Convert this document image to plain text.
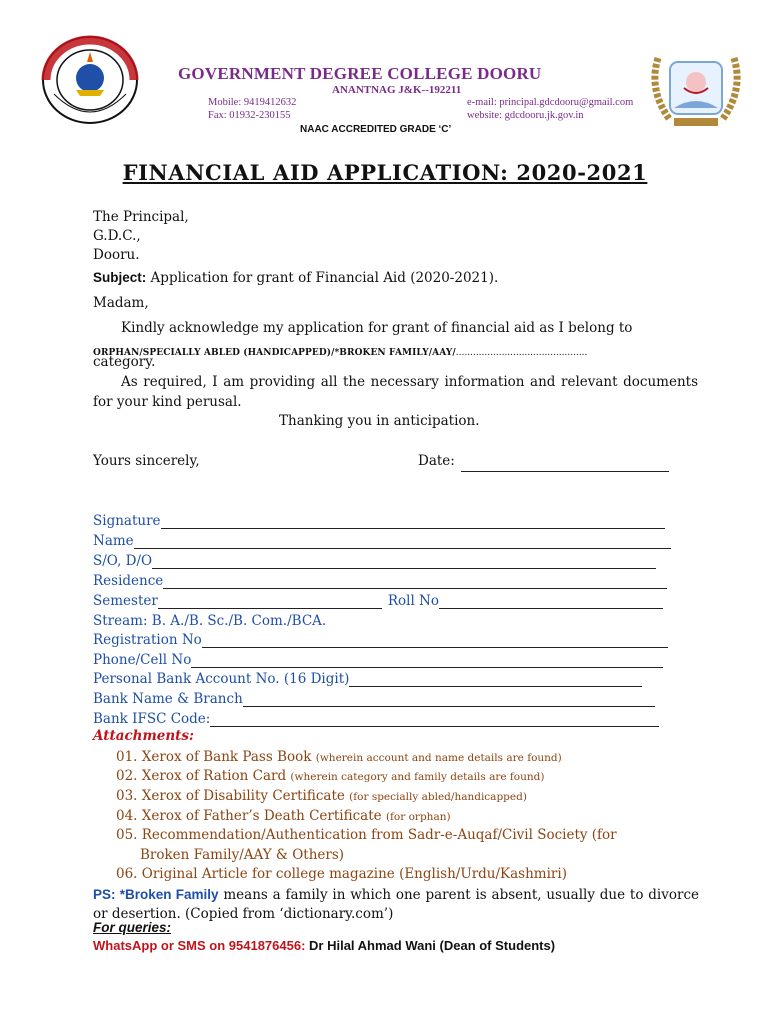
GOVERNMENT DEGREE COLLEGE DOORU
ANANTNAG J&K--192211
Mobile: 9419412632
Fax: 01932-230155
e-mail: principal.gdcdooru@gmail.com
website: gdcdooru.jk.gov.in
NAAC ACCREDITED GRADE ‘C’
FINANCIAL AID APPLICATION: 2020-2021
The Principal,
G.D.C.,
Dooru.
Subject: Application for grant of Financial Aid (2020-2021).
Madam,
Kindly acknowledge my application for grant of financial aid as I belong to
ORPHAN/SPECIALLY ABLED (HANDICAPPED)/*BROKEN FAMILY/AAY/..............................................
category.
As required, I am providing all the necessary information and relevant documents for your kind perusal.
Thanking you in anticipation.
Yours sincerely,	Date:
Signature
Name
S/O, D/O
Residence
Semester	Roll No
Stream: B. A./B. Sc./B. Com./BCA.
Registration No
Phone/Cell No
Personal Bank Account No. (16 Digit)
Bank Name & Branch
Bank IFSC Code:
Attachments:
01. Xerox of Bank Pass Book (wherein account and name details are found)
02. Xerox of Ration Card (wherein category and family details are found)
03. Xerox of Disability Certificate (for specially abled/handicapped)
04. Xerox of Father’s Death Certificate (for orphan)
05. Recommendation/Authentication from Sadr-e-Auqaf/Civil Society (for
Broken Family/AAY & Others)
06. Original Article for college magazine (English/Urdu/Kashmiri)
PS: *Broken Family means a family in which one parent is absent, usually due to divorce or desertion. (Copied from ‘dictionary.com’)
For queries:
WhatsApp or SMS on 9541876456: Dr Hilal Ahmad Wani (Dean of Students)
